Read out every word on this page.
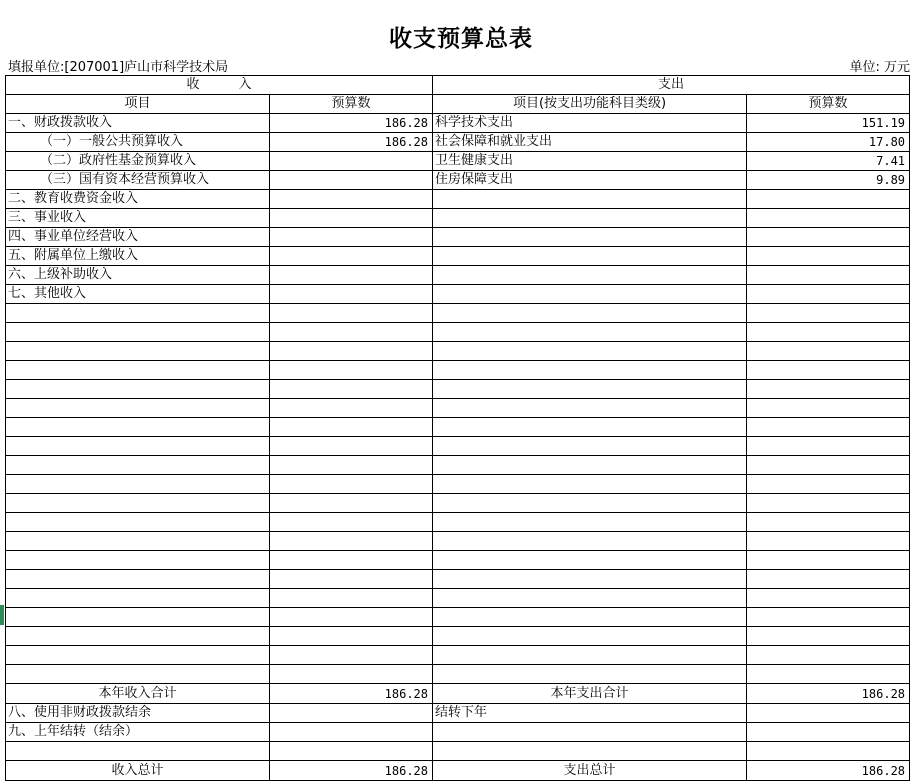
收支预算总表
填报单位:[207001]庐山市科学技术局	单位: 万元
收　　　入		支出	
项目	预算数	项目(按支出功能科目类级)	预算数
一、财政拨款收入	186.28	科学技术支出	151.19
（一）一般公共预算收入	186.28	社会保障和就业支出	17.80
（二）政府性基金预算收入		卫生健康支出	7.41
（三）国有资本经营预算收入		住房保障支出	9.89
二、教育收费资金收入			
三、事业收入			
四、事业单位经营收入			
五、附属单位上缴收入			
六、上级补助收入			
七、其他收入			

本年收入合计	186.28	本年支出合计	186.28
八、使用非财政拨款结余		结转下年	
九、上年结转（结余）			

收入总计	186.28	支出总计	186.28
